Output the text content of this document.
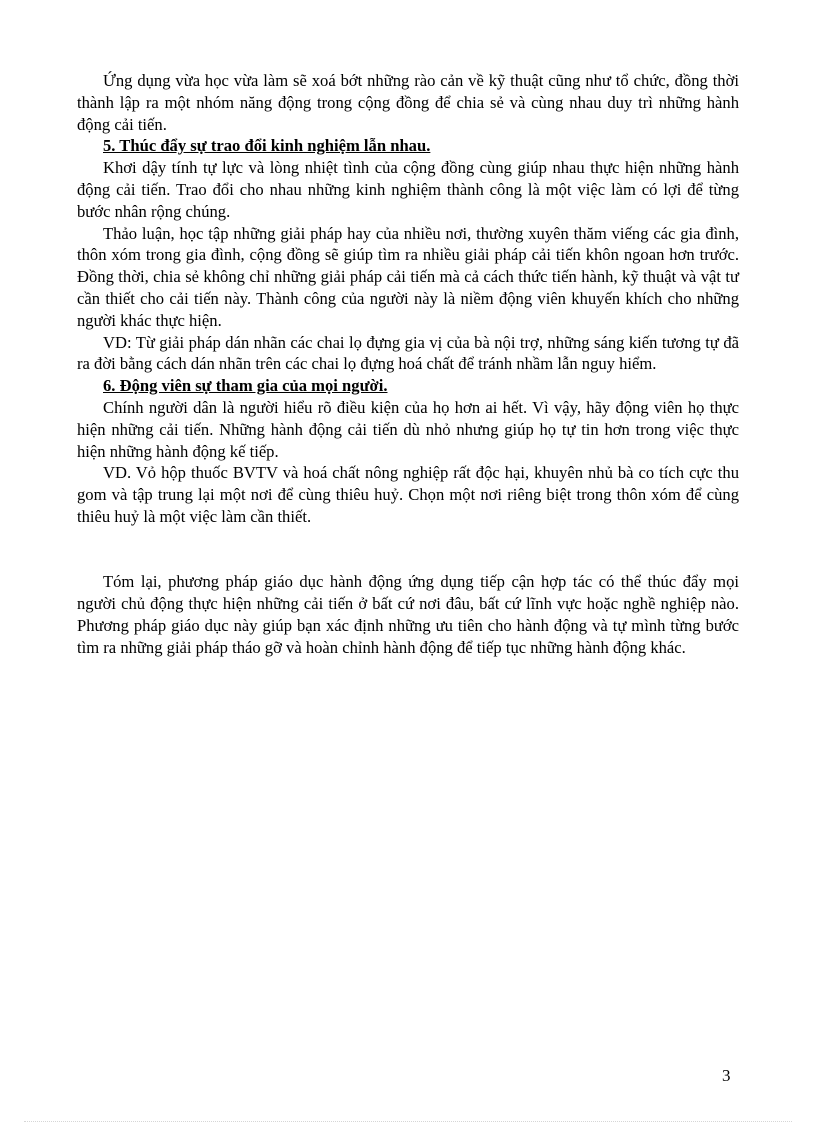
Ứng dụng vừa học vừa làm sẽ xoá bớt những rào cản về kỹ thuật cũng như tổ chức, đồng thời thành lập ra một nhóm năng động trong cộng đồng để chia sẻ và cùng nhau duy trì những hành động cải tiến.

5. Thúc đẩy sự trao đổi kinh nghiệm lẫn nhau.

Khơi dậy tính tự lực và lòng nhiệt tình của cộng đồng cùng giúp nhau thực hiện những hành động cải tiến. Trao đổi cho nhau những kinh nghiệm thành công là một việc làm có lợi để từng bước nhân rộng chúng.

Thảo luận, học tập những giải pháp hay của nhiều nơi, thường xuyên thăm viếng các gia đình, thôn xóm trong gia đình, cộng đồng sẽ giúp tìm ra nhiều giải pháp cải tiến khôn ngoan hơn trước. Đồng thời, chia sẻ không chỉ những giải pháp cải tiến mà cả cách thức tiến hành, kỹ thuật và vật tư cần thiết cho cải tiến này. Thành công của người này là niềm động viên khuyến khích cho những người khác thực hiện.

VD: Từ giải pháp dán nhãn các chai lọ đựng gia vị của bà nội trợ, những sáng kiến tương tự đã ra đời bằng cách dán nhãn trên các chai lọ đựng hoá chất để tránh nhầm lẫn nguy hiểm.

6. Động viên sự tham gia của mọi người.

Chính người dân là người hiểu rõ điều kiện của họ hơn ai hết. Vì vậy, hãy động viên họ thực hiện những cải tiến. Những hành động cải tiến dù nhỏ nhưng giúp họ tự tin hơn trong việc thực hiện những hành động kế tiếp.

VD. Vỏ hộp thuốc BVTV và hoá chất nông nghiệp rất độc hại, khuyên nhủ bà co tích cực thu gom và tập trung lại một nơi để cùng thiêu huỷ. Chọn một nơi riêng biệt trong thôn xóm để cùng thiêu huỷ là một việc làm cần thiết.

Tóm lại, phương pháp giáo dục hành động ứng dụng tiếp cận hợp tác có thể thúc đẩy mọi người chủ động thực hiện những cải tiến ở bất cứ nơi đâu, bất cứ lĩnh vực hoặc nghề nghiệp nào. Phương pháp giáo dục này giúp bạn xác định những ưu tiên cho hành động và tự mình từng bước tìm ra những giải pháp tháo gỡ và hoàn chỉnh hành động để tiếp tục những hành động khác.

3
